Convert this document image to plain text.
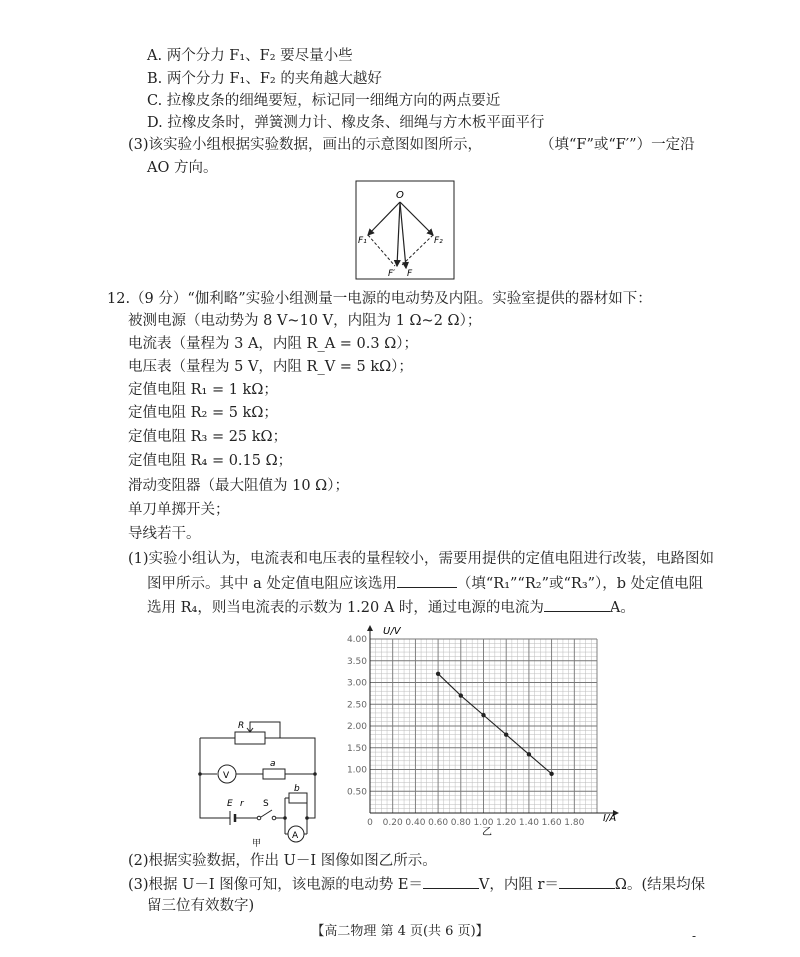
A. 两个分力 F₁、F₂ 要尽量小些
B. 两个分力 F₁、F₂ 的夹角越大越好
C. 拉橡皮条的细绳要短，标记同一细绳方向的两点要近
D. 拉橡皮条时，弹簧测力计、橡皮条、细绳与方木板平面平行
(3)该实验小组根据实验数据，画出的示意图如图所示，	（填“F”或“F′”）一定沿
AO 方向。
O
F₁	F₂
F′ F
12.（9 分）“伽利略”实验小组测量一电源的电动势及内阻。实验室提供的器材如下：
被测电源（电动势为 8 V~10 V，内阻为 1 Ω~2 Ω）；
电流表（量程为 3 A，内阻 R_A = 0.3 Ω）；
电压表（量程为 5 V，内阻 R_V = 5 kΩ）；
定值电阻 R₁ = 1 kΩ；
定值电阻 R₂ = 5 kΩ；
定值电阻 R₃ = 25 kΩ；
定值电阻 R₄ = 0.15 Ω；
滑动变阻器（最大阻值为 10 Ω）；
单刀单掷开关；
导线若干。
(1)实验小组认为，电流表和电压表的量程较小，需要用提供的定值电阻进行改装，电路图如
图甲所示。其中 a 处定值电阻应该选用	（填“R₁”“R₂”或“R₃”），b 处定值电阻
选用 R₄，则当电流表的示数为 1.20 A 时，通过电源的电流为	A。
R
V
a
b
E r S
A
甲
0 0.20 0.40 0.60 0.80 1.00 1.20 1.40 1.60 1.80
0.50
1.00
1.50
2.00
2.50
3.00
3.50
4.00
U/V
I/A
乙
(2)根据实验数据，作出 U－I 图像如图乙所示。
(3)根据 U－I 图像可知，该电源的电动势 E＝	V，内阻 r＝	Ω。(结果均保
留三位有效数字)
【高二物理 第 4 页(共 6 页)】	-
